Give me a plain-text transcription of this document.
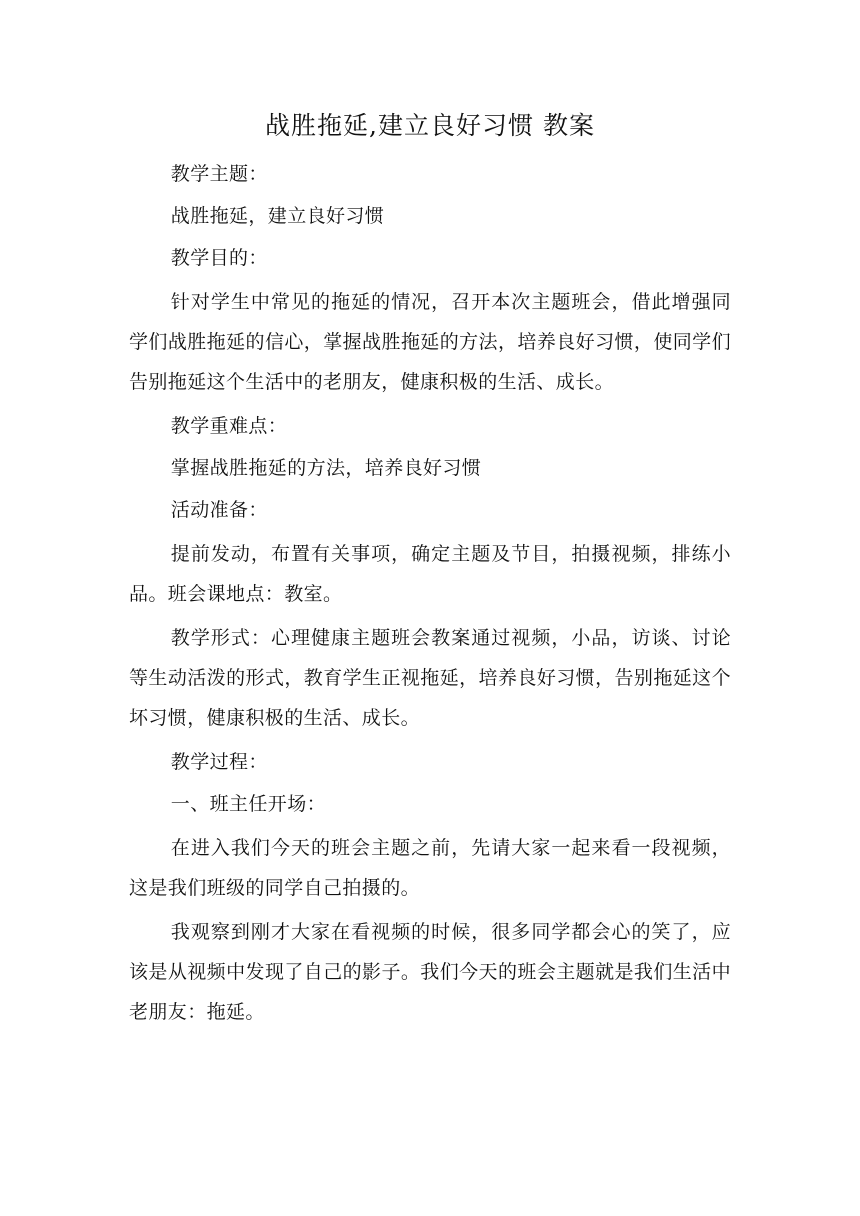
战胜拖延,建立良好习惯 教案

教学主题：

战胜拖延，建立良好习惯

教学目的：

针对学生中常见的拖延的情况，召开本次主题班会，借此增强同学们战胜拖延的信心，掌握战胜拖延的方法，培养良好习惯，使同学们告别拖延这个生活中的老朋友，健康积极的生活、成长。

教学重难点：

掌握战胜拖延的方法，培养良好习惯

活动准备：

提前发动，布置有关事项，确定主题及节目，拍摄视频，排练小品。班会课地点：教室。

教学形式：心理健康主题班会教案通过视频，小品，访谈、讨论等生动活泼的形式，教育学生正视拖延，培养良好习惯，告别拖延这个坏习惯，健康积极的生活、成长。

教学过程：

一、班主任开场：

在进入我们今天的班会主题之前，先请大家一起来看一段视频，这是我们班级的同学自己拍摄的。

我观察到刚才大家在看视频的时候，很多同学都会心的笑了，应该是从视频中发现了自己的影子。我们今天的班会主题就是我们生活中老朋友：拖延。
